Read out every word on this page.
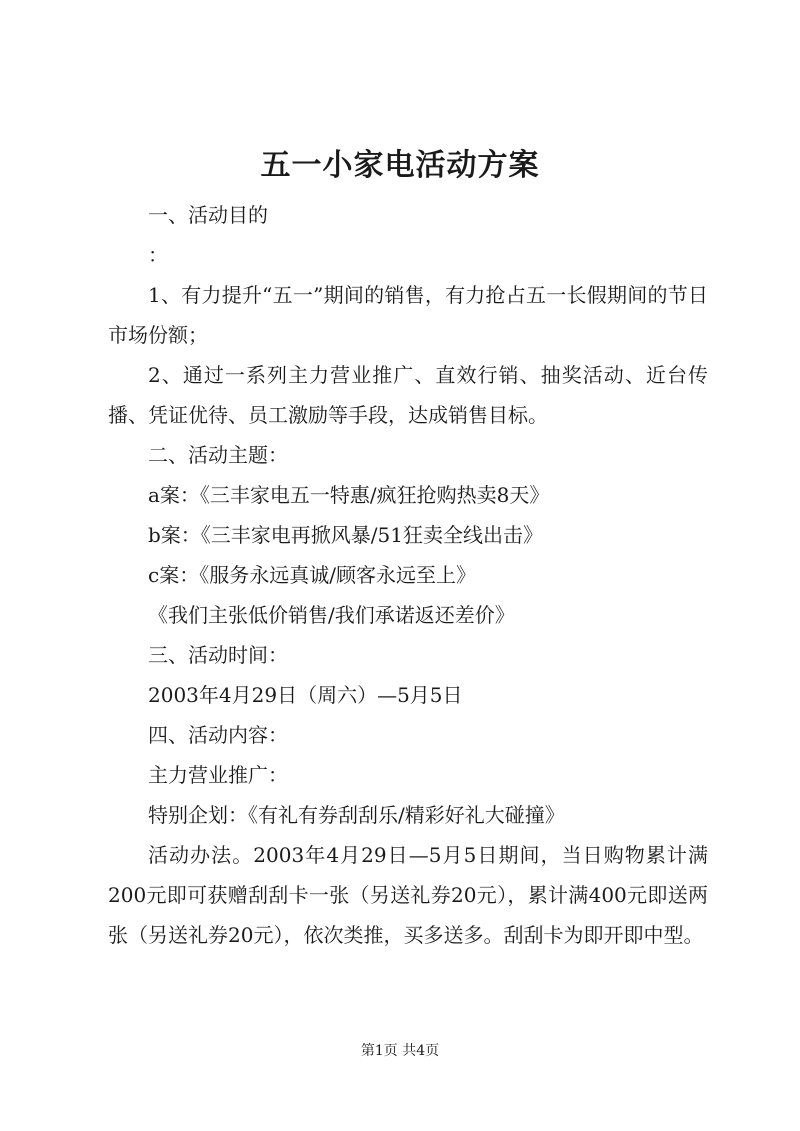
五一小家电活动方案

一、活动目的

：

1、有力提升“五一”期间的销售，有力抢占五一长假期间的节日市场份额；

2、通过一系列主力营业推广、直效行销、抽奖活动、近台传播、凭证优待、员工激励等手段，达成销售目标。

二、活动主题：

a案：《三丰家电五一特惠/疯狂抢购热卖8天》

b案：《三丰家电再掀风暴/51狂卖全线出击》

c案：《服务永远真诚/顾客永远至上》

《我们主张低价销售/我们承诺返还差价》

三、活动时间：

2003年4月29日（周六）—5月5日

四、活动内容：

主力营业推广：

特别企划：《有礼有券刮刮乐/精彩好礼大碰撞》

活动办法。2003年4月29日—5月5日期间，当日购物累计满200元即可获赠刮刮卡一张（另送礼券20元），累计满400元即送两张（另送礼券20元），依次类推，买多送多。刮刮卡为即开即中型。

第1页 共4页
